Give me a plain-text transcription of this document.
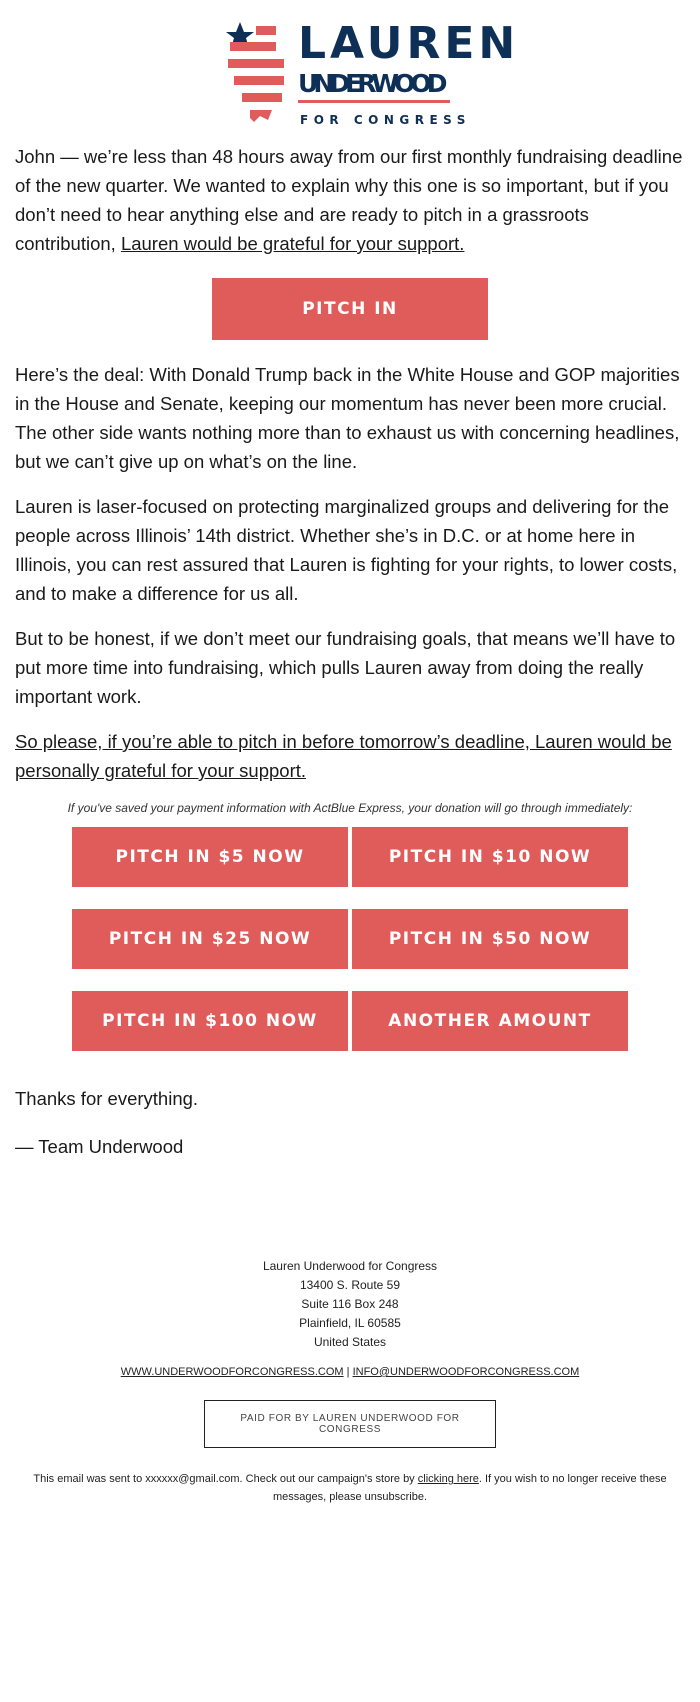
LAUREN
UNDERWOOD
FOR CONGRESS

John — we’re less than 48 hours away from our first monthly fundraising deadline of the new quarter. We wanted to explain why this one is so important, but if you don’t need to hear anything else and are ready to pitch in a grassroots contribution, Lauren would be grateful for your support.

PITCH IN

Here’s the deal: With Donald Trump back in the White House and GOP majorities in the House and Senate, keeping our momentum has never been more crucial. The other side wants nothing more than to exhaust us with concerning headlines, but we can’t give up on what’s on the line.

Lauren is laser-focused on protecting marginalized groups and delivering for the people across Illinois’ 14th district. Whether she’s in D.C. or at home here in Illinois, you can rest assured that Lauren is fighting for your rights, to lower costs, and to make a difference for us all.

But to be honest, if we don’t meet our fundraising goals, that means we’ll have to put more time into fundraising, which pulls Lauren away from doing the really important work.

So please, if you’re able to pitch in before tomorrow’s deadline, Lauren would be personally grateful for your support.

If you've saved your payment information with ActBlue Express, your donation will go through immediately:
PITCH IN $5 NOW	PITCH IN $10 NOW
PITCH IN $25 NOW	PITCH IN $50 NOW
PITCH IN $100 NOW	ANOTHER AMOUNT

Thanks for everything.

— Team Underwood

Lauren Underwood for Congress
13400 S. Route 59
Suite 116 Box 248
Plainfield, IL 60585
United States
WWW.UNDERWOODFORCONGRESS.COM | INFO@UNDERWOODFORCONGRESS.COM
PAID FOR BY LAUREN UNDERWOOD FOR CONGRESS
This email was sent to xxxxxx@gmail.com. Check out our campaign's store by clicking here. If you wish to no longer receive these messages, please unsubscribe.
